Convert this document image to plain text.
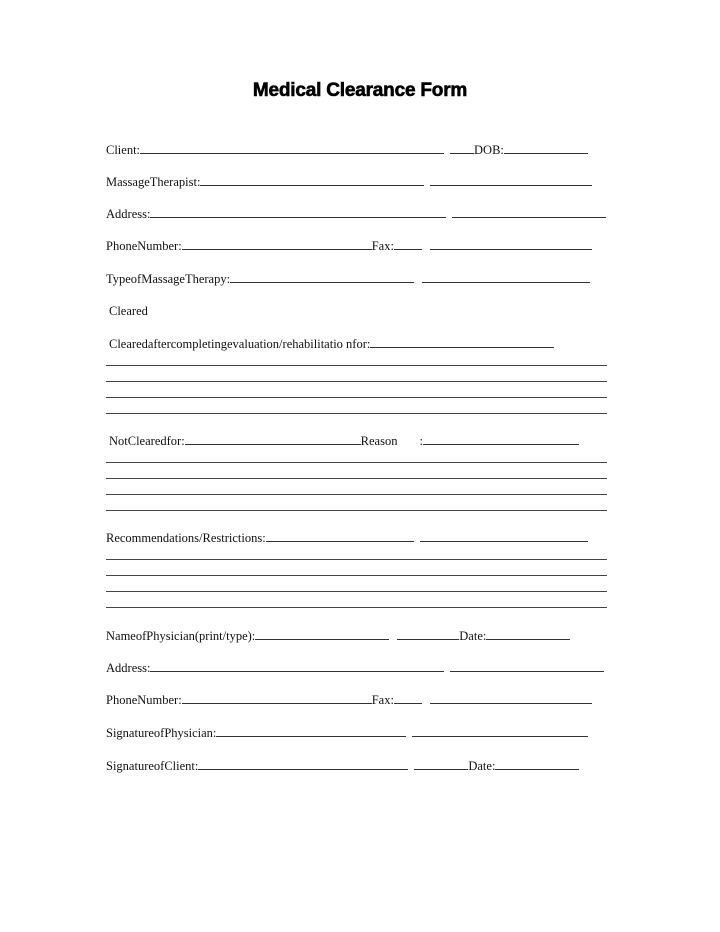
Medical Clearance Form
Client:	DOB:
MassageTherapist:
Address:
PhoneNumber:	Fax:
TypeofMassageTherapy:
Cleared
Clearedaftercompletingevaluation/rehabilitatio nfor:
NotClearedfor:	Reason :
Recommendations/Restrictions:
NameofPhysician(print/type):	Date:
Address:
PhoneNumber:	Fax:
SignatureofPhysician:
SignatureofClient:	Date:
